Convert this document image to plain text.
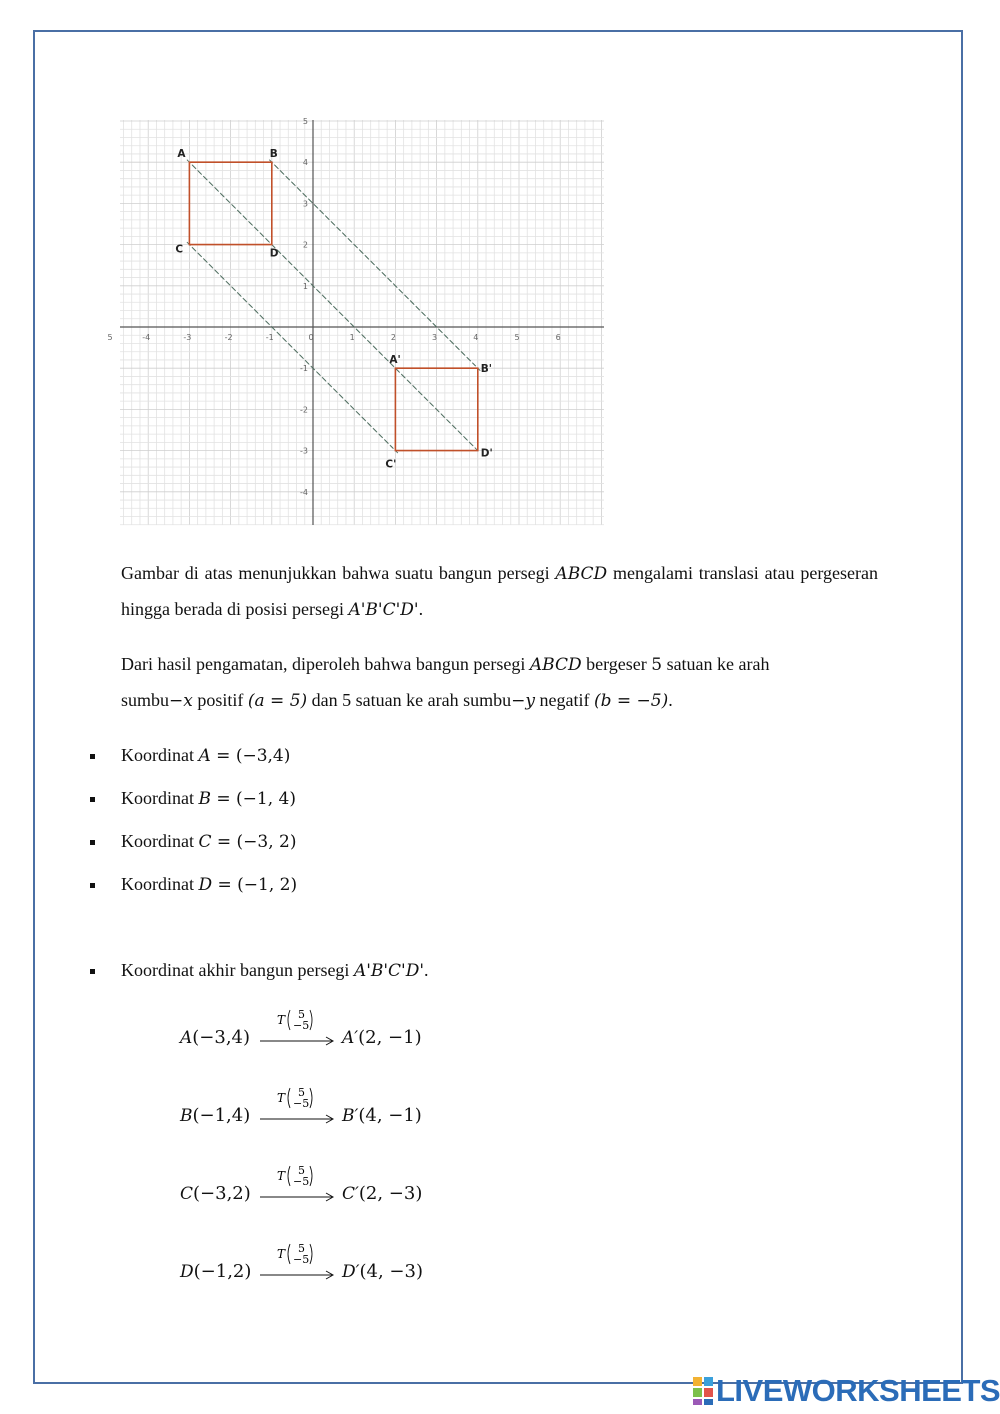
5	-4	-3	-2	-1	0	1	2	3	4	5	6
5
4
3
2
1
-1
-2
-3
-4
A	B
C	D
A'
B'
C'
D'

Gambar di atas menunjukkan bahwa suatu bangun persegi ABCD mengalami translasi atau pergeseran hingga berada di posisi persegi A'B'C'D'.

Dari hasil pengamatan, diperoleh bahwa bangun persegi ABCD bergeser 5 satuan ke arah
sumbu−x positif (a = 5) dan 5 satuan ke arah sumbu−y negatif (b = −5).

Koordinat A = (−3,4)
Koordinat B = (−1, 4)
Koordinat C = (−3, 2)
Koordinat D = (−1, 2)
Koordinat akhir bangun persegi A'B'C'D'.
A(−3,4)
T 5
−5
A′(2, −1)
B(−1,4)
T 5
−5
B′(4, −1)
C(−3,2)
T 5
−5
C′(2, −3)
D(−1,2)
T 5
−5
D′(4, −3)
LIVEWORKSHEETS
